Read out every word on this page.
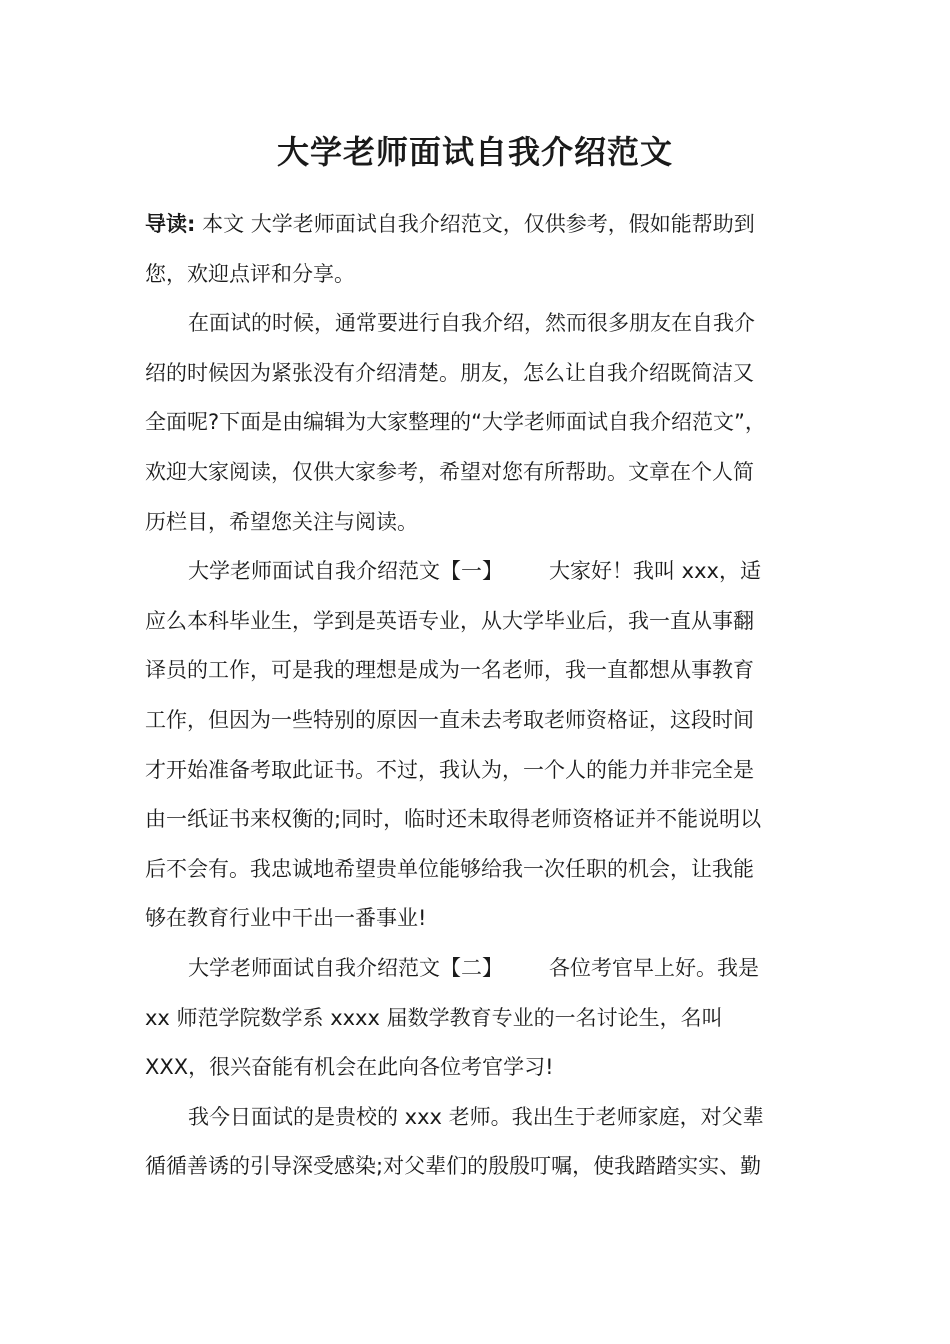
大学老师面试自我介绍范文
导读: 本文 大学老师面试自我介绍范文，仅供参考，假如能帮助到
您，欢迎点评和分享。
在面试的时候，通常要进行自我介绍，然而很多朋友在自我介
绍的时候因为紧张没有介绍清楚。朋友，怎么让自我介绍既简洁又
全面呢?下面是由编辑为大家整理的“大学老师面试自我介绍范文”，
欢迎大家阅读，仅供大家参考，希望对您有所帮助。文章在个人简
历栏目，希望您关注与阅读。
大学老师面试自我介绍范文【一】 大家好！我叫 xxx，适
应么本科毕业生，学到是英语专业，从大学毕业后，我一直从事翻
译员的工作，可是我的理想是成为一名老师，我一直都想从事教育
工作，但因为一些特别的原因一直未去考取老师资格证，这段时间
才开始准备考取此证书。不过，我认为，一个人的能力并非完全是
由一纸证书来权衡的;同时，临时还未取得老师资格证并不能说明以
后不会有。我忠诚地希望贵单位能够给我一次任职的机会，让我能
够在教育行业中干出一番事业!
大学老师面试自我介绍范文【二】 各位考官早上好。我是
xx 师范学院数学系 xxxx 届数学教育专业的一名讨论生，名叫
XXX，很兴奋能有机会在此向各位考官学习!
我今日面试的是贵校的 xxx 老师。我出生于老师家庭，对父辈
循循善诱的引导深受感染;对父辈们的殷殷叮嘱，使我踏踏实实、勤
